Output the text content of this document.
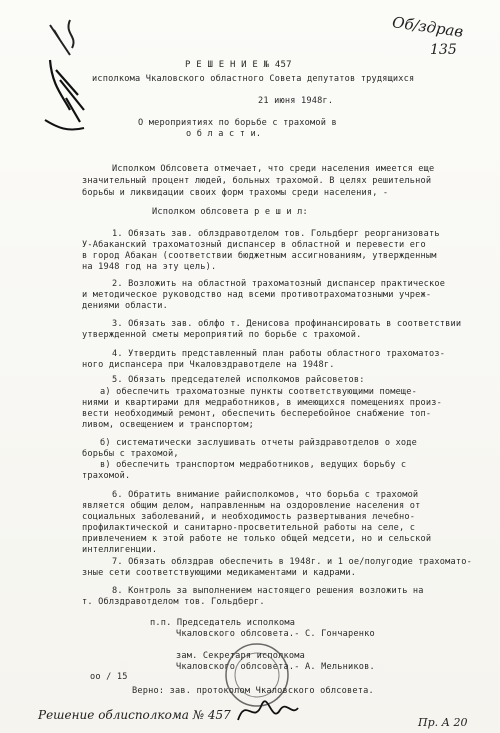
Об/здрав
135
Р Е Ш Е Н И Е № 457
исполкома Чкаловского областного Совета депутатов трудящихся
21 июня 1948г.
О мероприятиях по борьбе с трахомой в
о б л а с т и.
Исполком Облсовета отмечает, что среди населения имеется еще
значительный процент людей, больных трахомой. В целях решительной
борьбы и ликвидации своих форм трахомы среди населения, -
Исполком облсовета р е ш и л:
1. Обязать зав. облздравотделом тов. Гольдберг реорганизовать
У-Абаканский трахоматозный диспансер в областной и перевести его
в город Абакан (соответствии бюджетным ассигнованиям, утвержденным
на 1948 год на эту цель).
2. Возложить на областной трахоматозный диспансер практическое
и методическое руководство над всеми противотрахоматозными учреж-
дениями области.
3. Обязать зав. облфо т. Денисова профинансировать в соответствии
утвержденной сметы мероприятий по борьбе с трахомой.
4. Утвердить представленный план работы областного трахоматоз-
ного диспансера при Чкаловздравотделе на 1948г.
5. Обязать председателей исполкомов райсоветов:
а) обеспечить трахоматозные пункты соответствующими помеще-
ниями и квартирами для медработников, в имеющихся помещениях произ-
вести необходимый ремонт, обеспечить бесперебойное снабжение топ-
ливом, освещением и транспортом;
б) систематически заслушивать отчеты райздравотделов о ходе
борьбы с трахомой,
в) обеспечить транспортом медработников, ведущих борьбу с
трахомой.
6. Обратить внимание райисполкомов, что борьба с трахомой
является общим делом, направленным на оздоровление населения от
социальных заболеваний, и необходимость развертывания лечебно-
профилактической и санитарно-просветительной работы на селе, с
привлечением к этой работе не только общей медсети, но и сельской
интеллигенции.
7. Обязать облздрав обеспечить в 1948г. и 1 ое/полугодие трахомато-
зные сети соответствующими медикаментами и кадрами.
8. Контроль за выполнением настоящего решения возложить на
т. Облздравотделом тов. Гольдберг.
п.п. Председатель исполкома
Чкаловского облсовета.- С. Гончаренко
зам. Секретаря исполкома
Чкаловского облсовета.- А. Мельников.
оо / 15
Верно: зав. протоколом Чкаловского облсовета.
Решение облисполкома № 457
Пр. А 20
